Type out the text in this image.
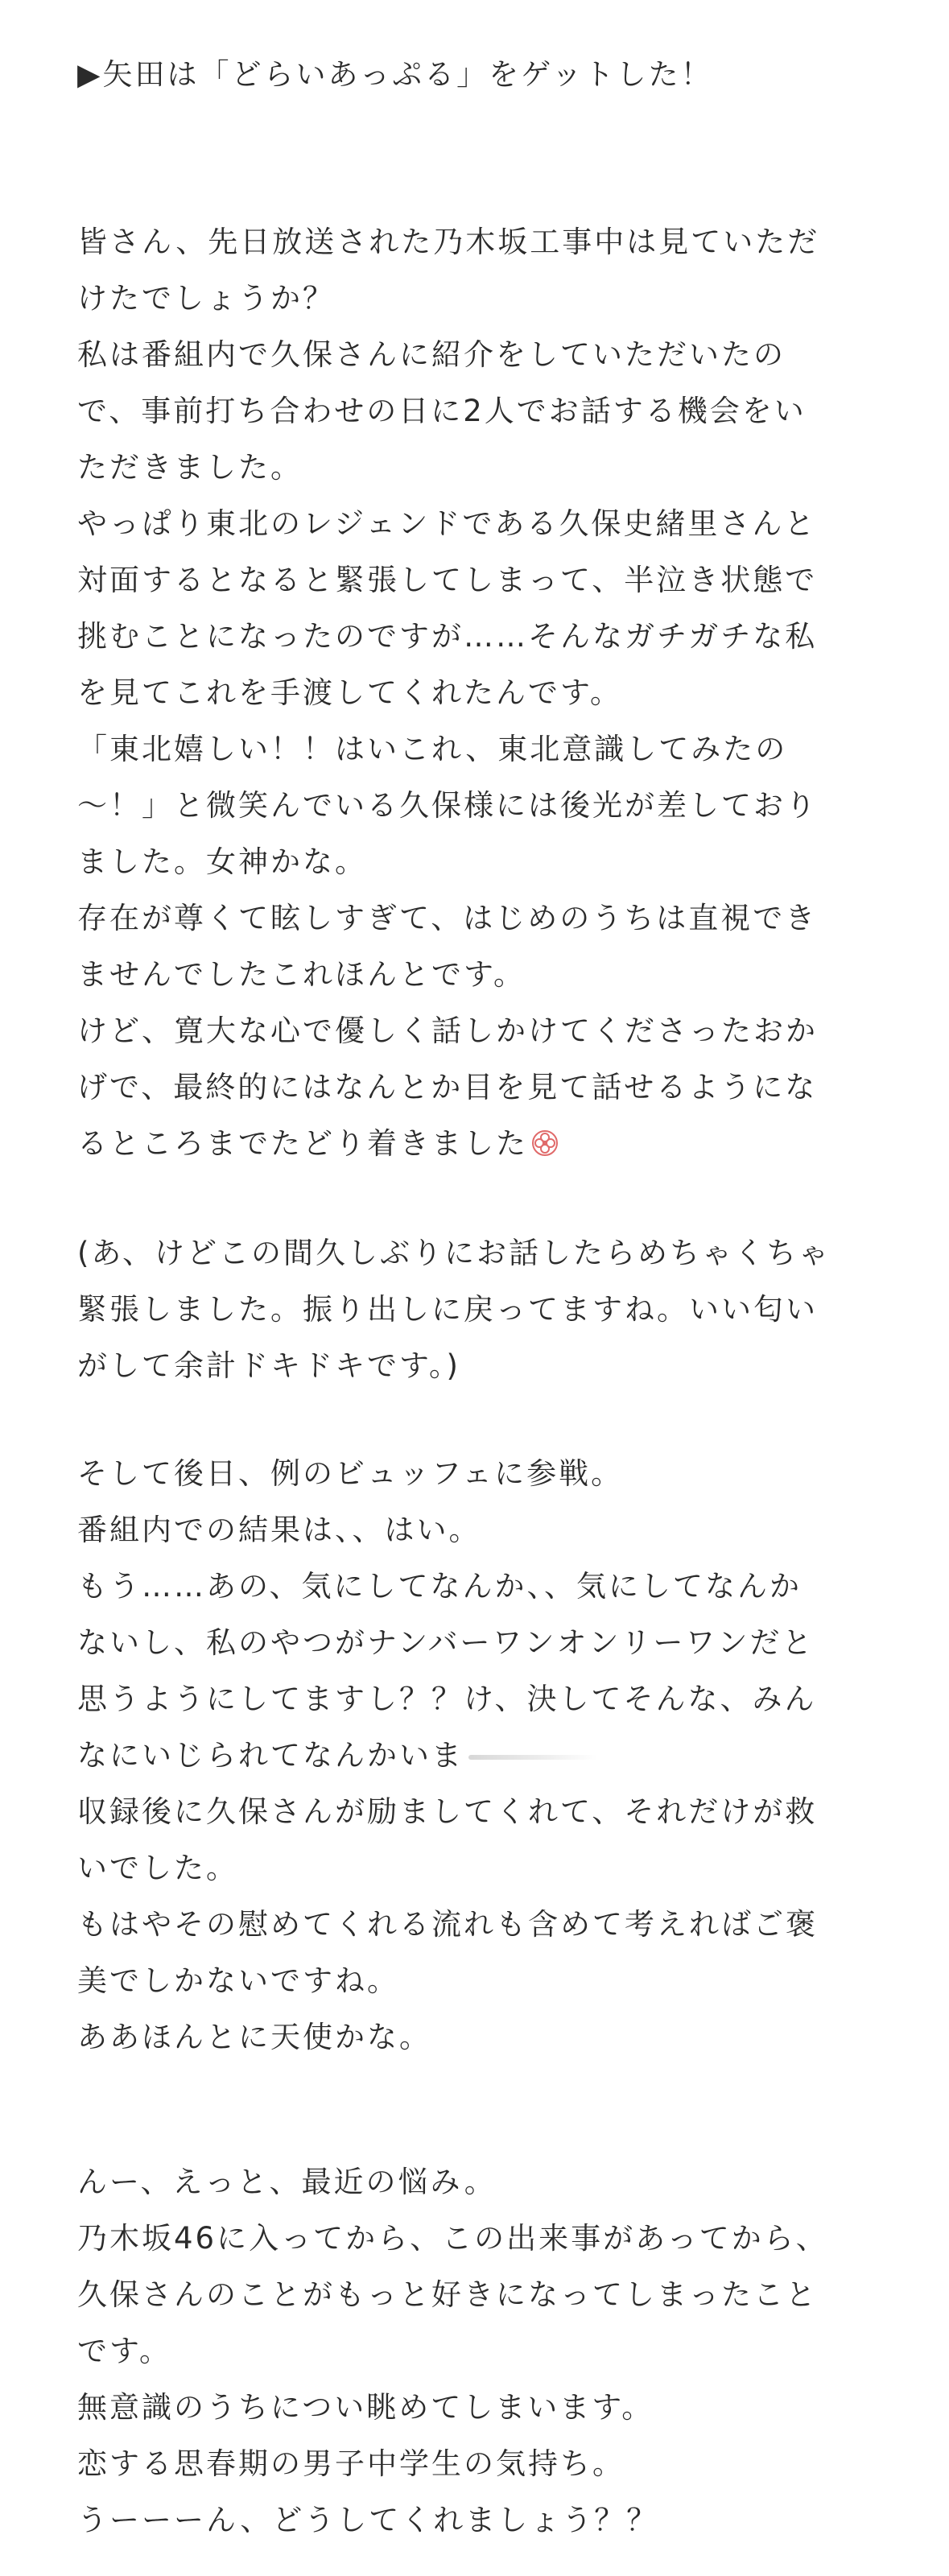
▶矢田は「どらいあっぷる」をゲットした！
皆さん、先日放送された乃木坂工事中は見ていただ
けたでしょうか？
私は番組内で久保さんに紹介をしていただいたの
で、事前打ち合わせの日に2人でお話する機会をい
ただきました。
やっぱり東北のレジェンドである久保史緒里さんと
対面するとなると緊張してしまって、半泣き状態で
挑むことになったのですが……そんなガチガチな私
を見てこれを手渡してくれたんです。
「東北嬉しい！！はいこれ、東北意識してみたの
〜！」と微笑んでいる久保様には後光が差しており
ました。女神かな。
存在が尊くて眩しすぎて、はじめのうちは直視でき
ませんでしたこれほんとです。
けど、寛大な心で優しく話しかけてくださったおか
げで、最終的にはなんとか目を見て話せるようにな
るところまでたどり着きました
(あ、けどこの間久しぶりにお話したらめちゃくちゃ
緊張しました。振り出しに戻ってますね。いい匂い
がして余計ドキドキです。)
そして後日、例のビュッフェに参戦。
番組内での結果は、、はい。
もう……あの、気にしてなんか、、気にしてなんか
ないし、私のやつがナンバーワンオンリーワンだと
思うようにしてますし？？け、決してそんな、みん
なにいじられてなんかいま
収録後に久保さんが励ましてくれて、それだけが救
いでした。
もはやその慰めてくれる流れも含めて考えればご褒
美でしかないですね。
ああほんとに天使かな。
んー、えっと、最近の悩み。
乃木坂46に入ってから、この出来事があってから、
久保さんのことがもっと好きになってしまったこと
です。
無意識のうちについ眺めてしまいます。
恋する思春期の男子中学生の気持ち。
うーーーん、どうしてくれましょう？？
